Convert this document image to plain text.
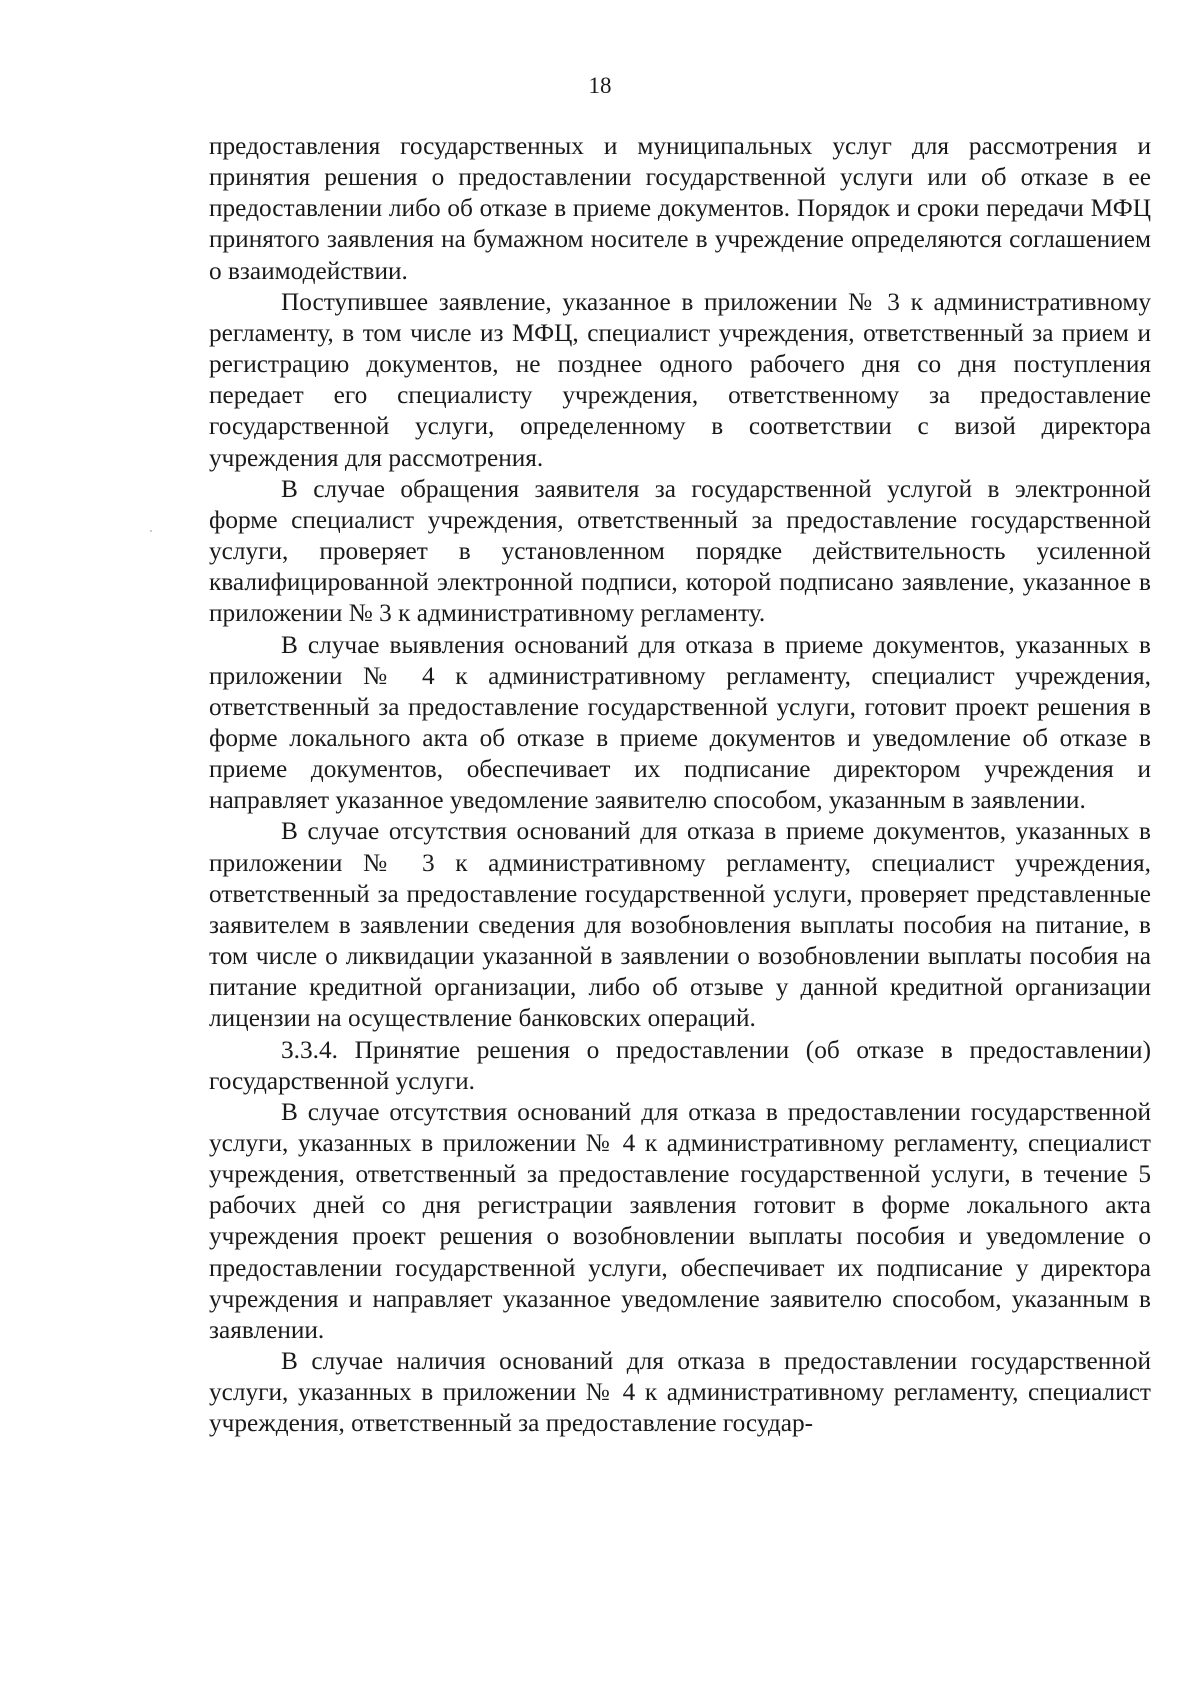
18

предоставления государственных и муниципальных услуг для рассмотрения и принятия решения о предоставлении государственной услуги или об отказе в ее предоставлении либо об отказе в приеме документов. Порядок и сроки передачи МФЦ принятого заявления на бумажном носителе в учреждение определяются соглашением о взаимодействии.

Поступившее заявление, указанное в приложении № 3 к административному регламенту, в том числе из МФЦ, специалист учреждения, ответственный за прием и регистрацию документов, не позднее одного рабочего дня со дня поступления передает его специалисту учреждения, ответственному за предоставление государственной услуги, определенному в соответствии с визой директора учреждения для рассмотрения.

В случае обращения заявителя за государственной услугой в электронной форме специалист учреждения, ответственный за предоставление государственной услуги, проверяет в установленном порядке действительность усиленной квалифицированной электронной подписи, которой подписано заявление, указанное в приложении № 3 к административному регламенту.

В случае выявления оснований для отказа в приеме документов, указанных в приложении № 4 к административному регламенту, специалист учреждения, ответственный за предоставление государственной услуги, готовит проект решения в форме локального акта об отказе в приеме документов и уведомление об отказе в приеме документов, обеспечивает их подписание директором учреждения и направляет указанное уведомление заявителю способом, указанным в заявлении.

В случае отсутствия оснований для отказа в приеме документов, указанных в приложении № 3 к административному регламенту, специалист учреждения, ответственный за предоставление государственной услуги, проверяет представленные заявителем в заявлении сведения для возобновления выплаты пособия на питание, в том числе о ликвидации указанной в заявлении о возобновлении выплаты пособия на питание кредитной организации, либо об отзыве у данной кредитной организации лицензии на осуществление банковских операций.

3.3.4. Принятие решения о предоставлении (об отказе в предоставлении) государственной услуги.

В случае отсутствия оснований для отказа в предоставлении государственной услуги, указанных в приложении № 4 к административному регламенту, специалист учреждения, ответственный за предоставление государственной услуги, в течение 5 рабочих дней со дня регистрации заявления готовит в форме локального акта учреждения проект решения о возобновлении выплаты пособия и уведомление о предоставлении государственной услуги, обеспечивает их подписание у директора учреждения и направляет указанное уведомление заявителю способом, указанным в заявлении.

В случае наличия оснований для отказа в предоставлении государственной услуги, указанных в приложении № 4 к административному регламенту, специалист учреждения, ответственный за предоставление государ-
